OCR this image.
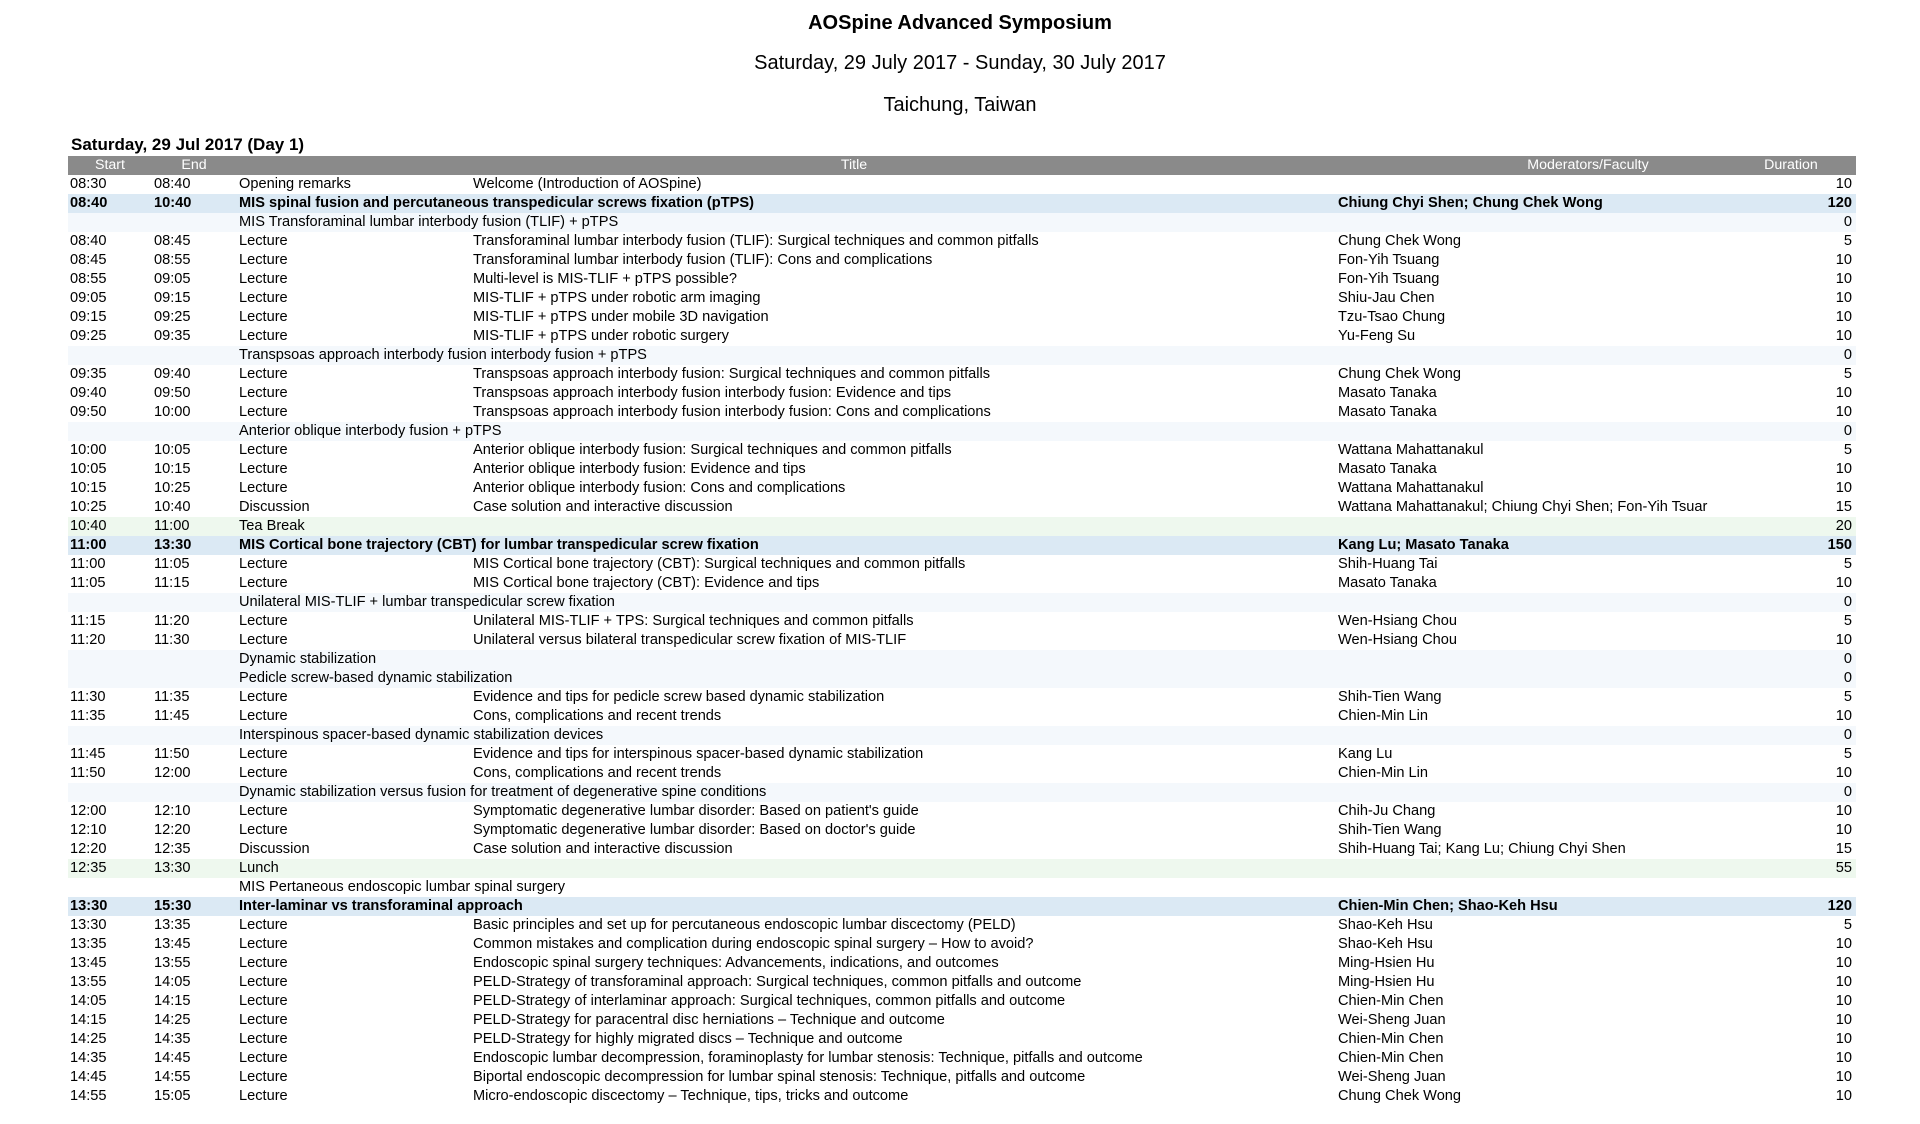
AOSpine Advanced Symposium
Saturday, 29 July 2017 - Sunday, 30 July 2017
Taichung, Taiwan
Saturday, 29 Jul 2017 (Day 1)
Start	End	Title	Moderators/Faculty	Duration
08:30	08:40	Opening remarks	Welcome (Introduction of AOSpine)	10
08:40	10:40	MIS spinal fusion and percutaneous transpedicular screws fixation (pTPS)	Chiung Chyi Shen; Chung Chek Wong	120
MIS Transforaminal lumbar interbody fusion (TLIF) + pTPS	0
08:40	08:45	Lecture	Transforaminal lumbar interbody fusion (TLIF): Surgical techniques and common pitfalls	Chung Chek Wong	5
08:45	08:55	Lecture	Transforaminal lumbar interbody fusion (TLIF): Cons and complications	Fon-Yih Tsuang	10
08:55	09:05	Lecture	Multi-level is MIS-TLIF + pTPS possible?	Fon-Yih Tsuang	10
09:05	09:15	Lecture	MIS-TLIF + pTPS under robotic arm imaging	Shiu-Jau Chen	10
09:15	09:25	Lecture	MIS-TLIF + pTPS under mobile 3D navigation	Tzu-Tsao Chung	10
09:25	09:35	Lecture	MIS-TLIF + pTPS under robotic surgery	Yu-Feng Su	10
Transpsoas approach interbody fusion interbody fusion + pTPS	0
09:35	09:40	Lecture	Transpsoas approach interbody fusion: Surgical techniques and common pitfalls	Chung Chek Wong	5
09:40	09:50	Lecture	Transpsoas approach interbody fusion interbody fusion: Evidence and tips	Masato Tanaka	10
09:50	10:00	Lecture	Transpsoas approach interbody fusion interbody fusion: Cons and complications	Masato Tanaka	10
Anterior oblique interbody fusion + pTPS	0
10:00	10:05	Lecture	Anterior oblique interbody fusion: Surgical techniques and common pitfalls	Wattana Mahattanakul	5
10:05	10:15	Lecture	Anterior oblique interbody fusion: Evidence and tips	Masato Tanaka	10
10:15	10:25	Lecture	Anterior oblique interbody fusion: Cons and complications	Wattana Mahattanakul	10
10:25	10:40	Discussion	Case solution and interactive discussion	Wattana Mahattanakul; Chiung Chyi Shen; Fon-Yih Tsuar	15
10:40	11:00	Tea Break	20
11:00	13:30	MIS Cortical bone trajectory (CBT) for lumbar transpedicular screw fixation	Kang Lu; Masato Tanaka	150
11:00	11:05	Lecture	MIS Cortical bone trajectory (CBT): Surgical techniques and common pitfalls	Shih-Huang Tai	5
11:05	11:15	Lecture	MIS Cortical bone trajectory (CBT): Evidence and tips	Masato Tanaka	10
Unilateral MIS-TLIF + lumbar transpedicular screw fixation	0
11:15	11:20	Lecture	Unilateral MIS-TLIF + TPS: Surgical techniques and common pitfalls	Wen-Hsiang Chou	5
11:20	11:30	Lecture	Unilateral versus bilateral transpedicular screw fixation of MIS-TLIF	Wen-Hsiang Chou	10
Dynamic stabilization	0
Pedicle screw-based dynamic stabilization	0
11:30	11:35	Lecture	Evidence and tips for pedicle screw based dynamic stabilization	Shih-Tien Wang	5
11:35	11:45	Lecture	Cons, complications and recent trends	Chien-Min Lin	10
Interspinous spacer-based dynamic stabilization devices	0
11:45	11:50	Lecture	Evidence and tips for interspinous spacer-based dynamic stabilization	Kang Lu	5
11:50	12:00	Lecture	Cons, complications and recent trends	Chien-Min Lin	10
Dynamic stabilization versus fusion for treatment of degenerative spine conditions	0
12:00	12:10	Lecture	Symptomatic degenerative lumbar disorder: Based on patient's guide	Chih-Ju Chang	10
12:10	12:20	Lecture	Symptomatic degenerative lumbar disorder: Based on doctor's guide	Shih-Tien Wang	10
12:20	12:35	Discussion	Case solution and interactive discussion	Shih-Huang Tai; Kang Lu; Chiung Chyi Shen	15
12:35	13:30	Lunch	55
MIS Pertaneous endoscopic lumbar spinal surgery
13:30	15:30	Inter-laminar vs transforaminal approach	Chien-Min Chen; Shao-Keh Hsu	120
13:30	13:35	Lecture	Basic principles and set up for percutaneous endoscopic lumbar discectomy (PELD)	Shao-Keh Hsu	5
13:35	13:45	Lecture	Common mistakes and complication during endoscopic spinal surgery – How to avoid?	Shao-Keh Hsu	10
13:45	13:55	Lecture	Endoscopic spinal surgery techniques: Advancements, indications, and outcomes	Ming-Hsien Hu	10
13:55	14:05	Lecture	PELD-Strategy of transforaminal approach: Surgical techniques, common pitfalls and outcome	Ming-Hsien Hu	10
14:05	14:15	Lecture	PELD-Strategy of interlaminar approach: Surgical techniques, common pitfalls and outcome	Chien-Min Chen	10
14:15	14:25	Lecture	PELD-Strategy for paracentral disc herniations – Technique and outcome	Wei-Sheng Juan	10
14:25	14:35	Lecture	PELD-Strategy for highly migrated discs – Technique and outcome	Chien-Min Chen	10
14:35	14:45	Lecture	Endoscopic lumbar decompression, foraminoplasty for lumbar stenosis: Technique, pitfalls and outcome	Chien-Min Chen	10
14:45	14:55	Lecture	Biportal endoscopic decompression for lumbar spinal stenosis: Technique, pitfalls and outcome	Wei-Sheng Juan	10
14:55	15:05	Lecture	Micro-endoscopic discectomy – Technique, tips, tricks and outcome	Chung Chek Wong	10
